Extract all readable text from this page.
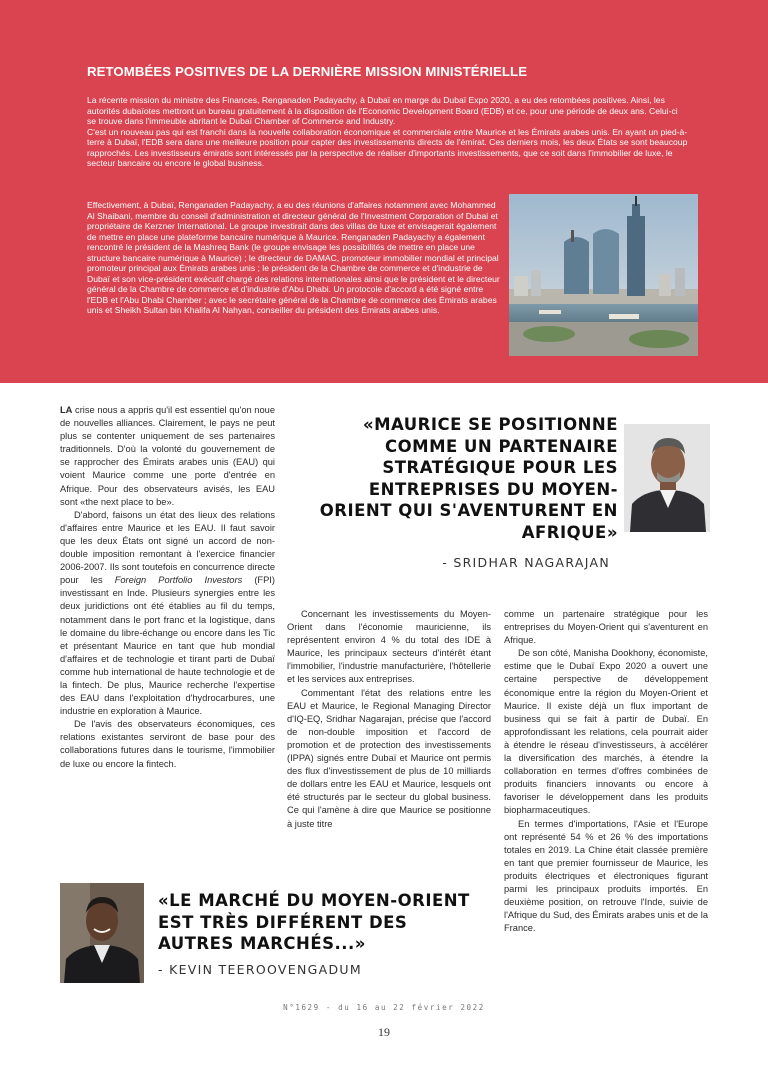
RETOMBÉES POSITIVES DE LA DERNIÈRE MISSION MINISTÉRIELLE

La récente mission du ministre des Finances, Renganaden Padayachy, à Dubaï en marge du Dubaï Expo 2020, a eu des retombées positives. Ainsi, les autorités dubaïotes mettront un bureau gratuitement à la disposition de l'Economic Development Board (EDB) et ce, pour une période de deux ans. Celui-ci se trouve dans l'immeuble abritant le Dubaï Chamber of Commerce and Industry.

C'est un nouveau pas qui est franchi dans la nouvelle collaboration économique et commerciale entre Maurice et les Émirats arabes unis. En ayant un pied-à-terre à Dubaï, l'EDB sera dans une meilleure position pour capter des investissements directs de l'émirat. Ces derniers mois, les deux États se sont beaucoup rapprochés. Les investisseurs émiratis sont intéressés par la perspective de réaliser d'importants investissements, que ce soit dans l'immobilier de luxe, le secteur bancaire ou encore le global business.

Effectivement, à Dubaï, Renganaden Padayachy, a eu des réunions d'affaires notamment avec Mohammed Al Shaibani, membre du conseil d'administration et directeur général de l'Investment Corporation of Dubai et propriétaire de Kerzner International. Le groupe investirait dans des villas de luxe et envisagerait également de mettre en place une plateforme bancaire numérique à Maurice. Renganaden Padayachy a également rencontré le président de la Mashreq Bank (le groupe envisage les possibilités de mettre en place une structure bancaire numérique à Maurice) ; le directeur de DAMAC, promoteur immobilier mondial et principal promoteur principal aux Émirats arabes unis ; le président de la Chambre de commerce et d'industrie de Dubaï et son vice-président exécutif chargé des relations internationales ainsi que le président et le directeur général de la Chambre de commerce et d'industrie d'Abu Dhabi. Un protocole d'accord a été signé entre l'EDB et l'Abu Dhabi Chamber ; avec le secrétaire général de la Chambre de commerce des Émirats arabes unis et Sheikh Sultan bin Khalifa Al Nahyan, conseiller du président des Émirats arabes unis.

«MAURICE SE POSITIONNE COMME UN PARTENAIRE STRATÉGIQUE POUR LES ENTREPRISES DU MOYEN-ORIENT QUI S'AVENTURENT EN AFRIQUE»
- SRIDHAR NAGARAJAN

LA crise nous a appris qu'il est essentiel qu'on noue de nouvelles alliances. Clairement, le pays ne peut plus se contenter uniquement de ses partenaires traditionnels. D'où la volonté du gouvernement de se rapprocher des Émirats arabes unis (EAU) qui voient Maurice comme une porte d'entrée en Afrique. Pour des observateurs avisés, les EAU sont «the next place to be».

D'abord, faisons un état des lieux des relations d'affaires entre Maurice et les EAU. Il faut savoir que les deux États ont signé un accord de non-double imposition remontant à l'exercice financier 2006-2007. Ils sont toutefois en concurrence directe pour les Foreign Portfolio Investors (FPI) investissant en Inde. Plusieurs synergies entre les deux juridictions ont été établies au fil du temps, notamment dans le port franc et la logistique, dans le domaine du libre-échange ou encore dans les Tic et présentant Maurice en tant que hub mondial d'affaires et de technologie et tirant parti de Dubaï comme hub international de haute technologie et de la fintech. De plus, Maurice recherche l'expertise des EAU dans l'exploitation d'hydrocarbures, une industrie en exploration à Maurice.

De l'avis des observateurs économiques, ces relations existantes serviront de base pour des collaborations futures dans le tourisme, l'immobilier de luxe ou encore la fintech.

Concernant les investissements du Moyen-Orient dans l'économie mauricienne, ils représentent environ 4 % du total des IDE à Maurice, les principaux secteurs d'intérêt étant l'immobilier, l'industrie manufacturière, l'hôtellerie et les services aux entreprises.

Commentant l'état des relations entre les EAU et Maurice, le Regional Managing Director d'IQ-EQ, Sridhar Nagarajan, précise que l'accord de non-double imposition et l'accord de promotion et de protection des investissements (IPPA) signés entre Dubaï et Maurice ont permis des flux d'investissement de plus de 10 milliards de dollars entre les EAU et Maurice, lesquels ont été structurés par le secteur du global business. Ce qui l'amène à dire que Maurice se positionne à juste titre

comme un partenaire stratégique pour les entreprises du Moyen-Orient qui s'aventurent en Afrique.

De son côté, Manisha Dookhony, économiste, estime que le Dubaï Expo 2020 a ouvert une certaine perspective de développement économique entre la région du Moyen-Orient et Maurice. Il existe déjà un flux important de business qui se fait à partir de Dubaï. En approfondissant les relations, cela pourrait aider à étendre le réseau d'investisseurs, à accélérer la diversification des marchés, à étendre la collaboration en termes d'offres combinées de produits financiers innovants ou encore à favoriser le développement dans les produits biopharmaceutiques.

En termes d'importations, l'Asie et l'Europe ont représenté 54 % et 26 % des importations totales en 2019. La Chine était classée première en tant que premier fournisseur de Maurice, les produits électriques et électroniques figurant parmi les principaux produits importés. En deuxième position, on retrouve l'Inde, suivie de l'Afrique du Sud, des Émirats arabes unis et de la France.

«LE MARCHÉ DU MOYEN-ORIENT EST TRÈS DIFFÉRENT DES AUTRES MARCHÉS...»
- KEVIN TEEROOVENGADUM
N°1629 - du 16 au 22 février 2022
19
